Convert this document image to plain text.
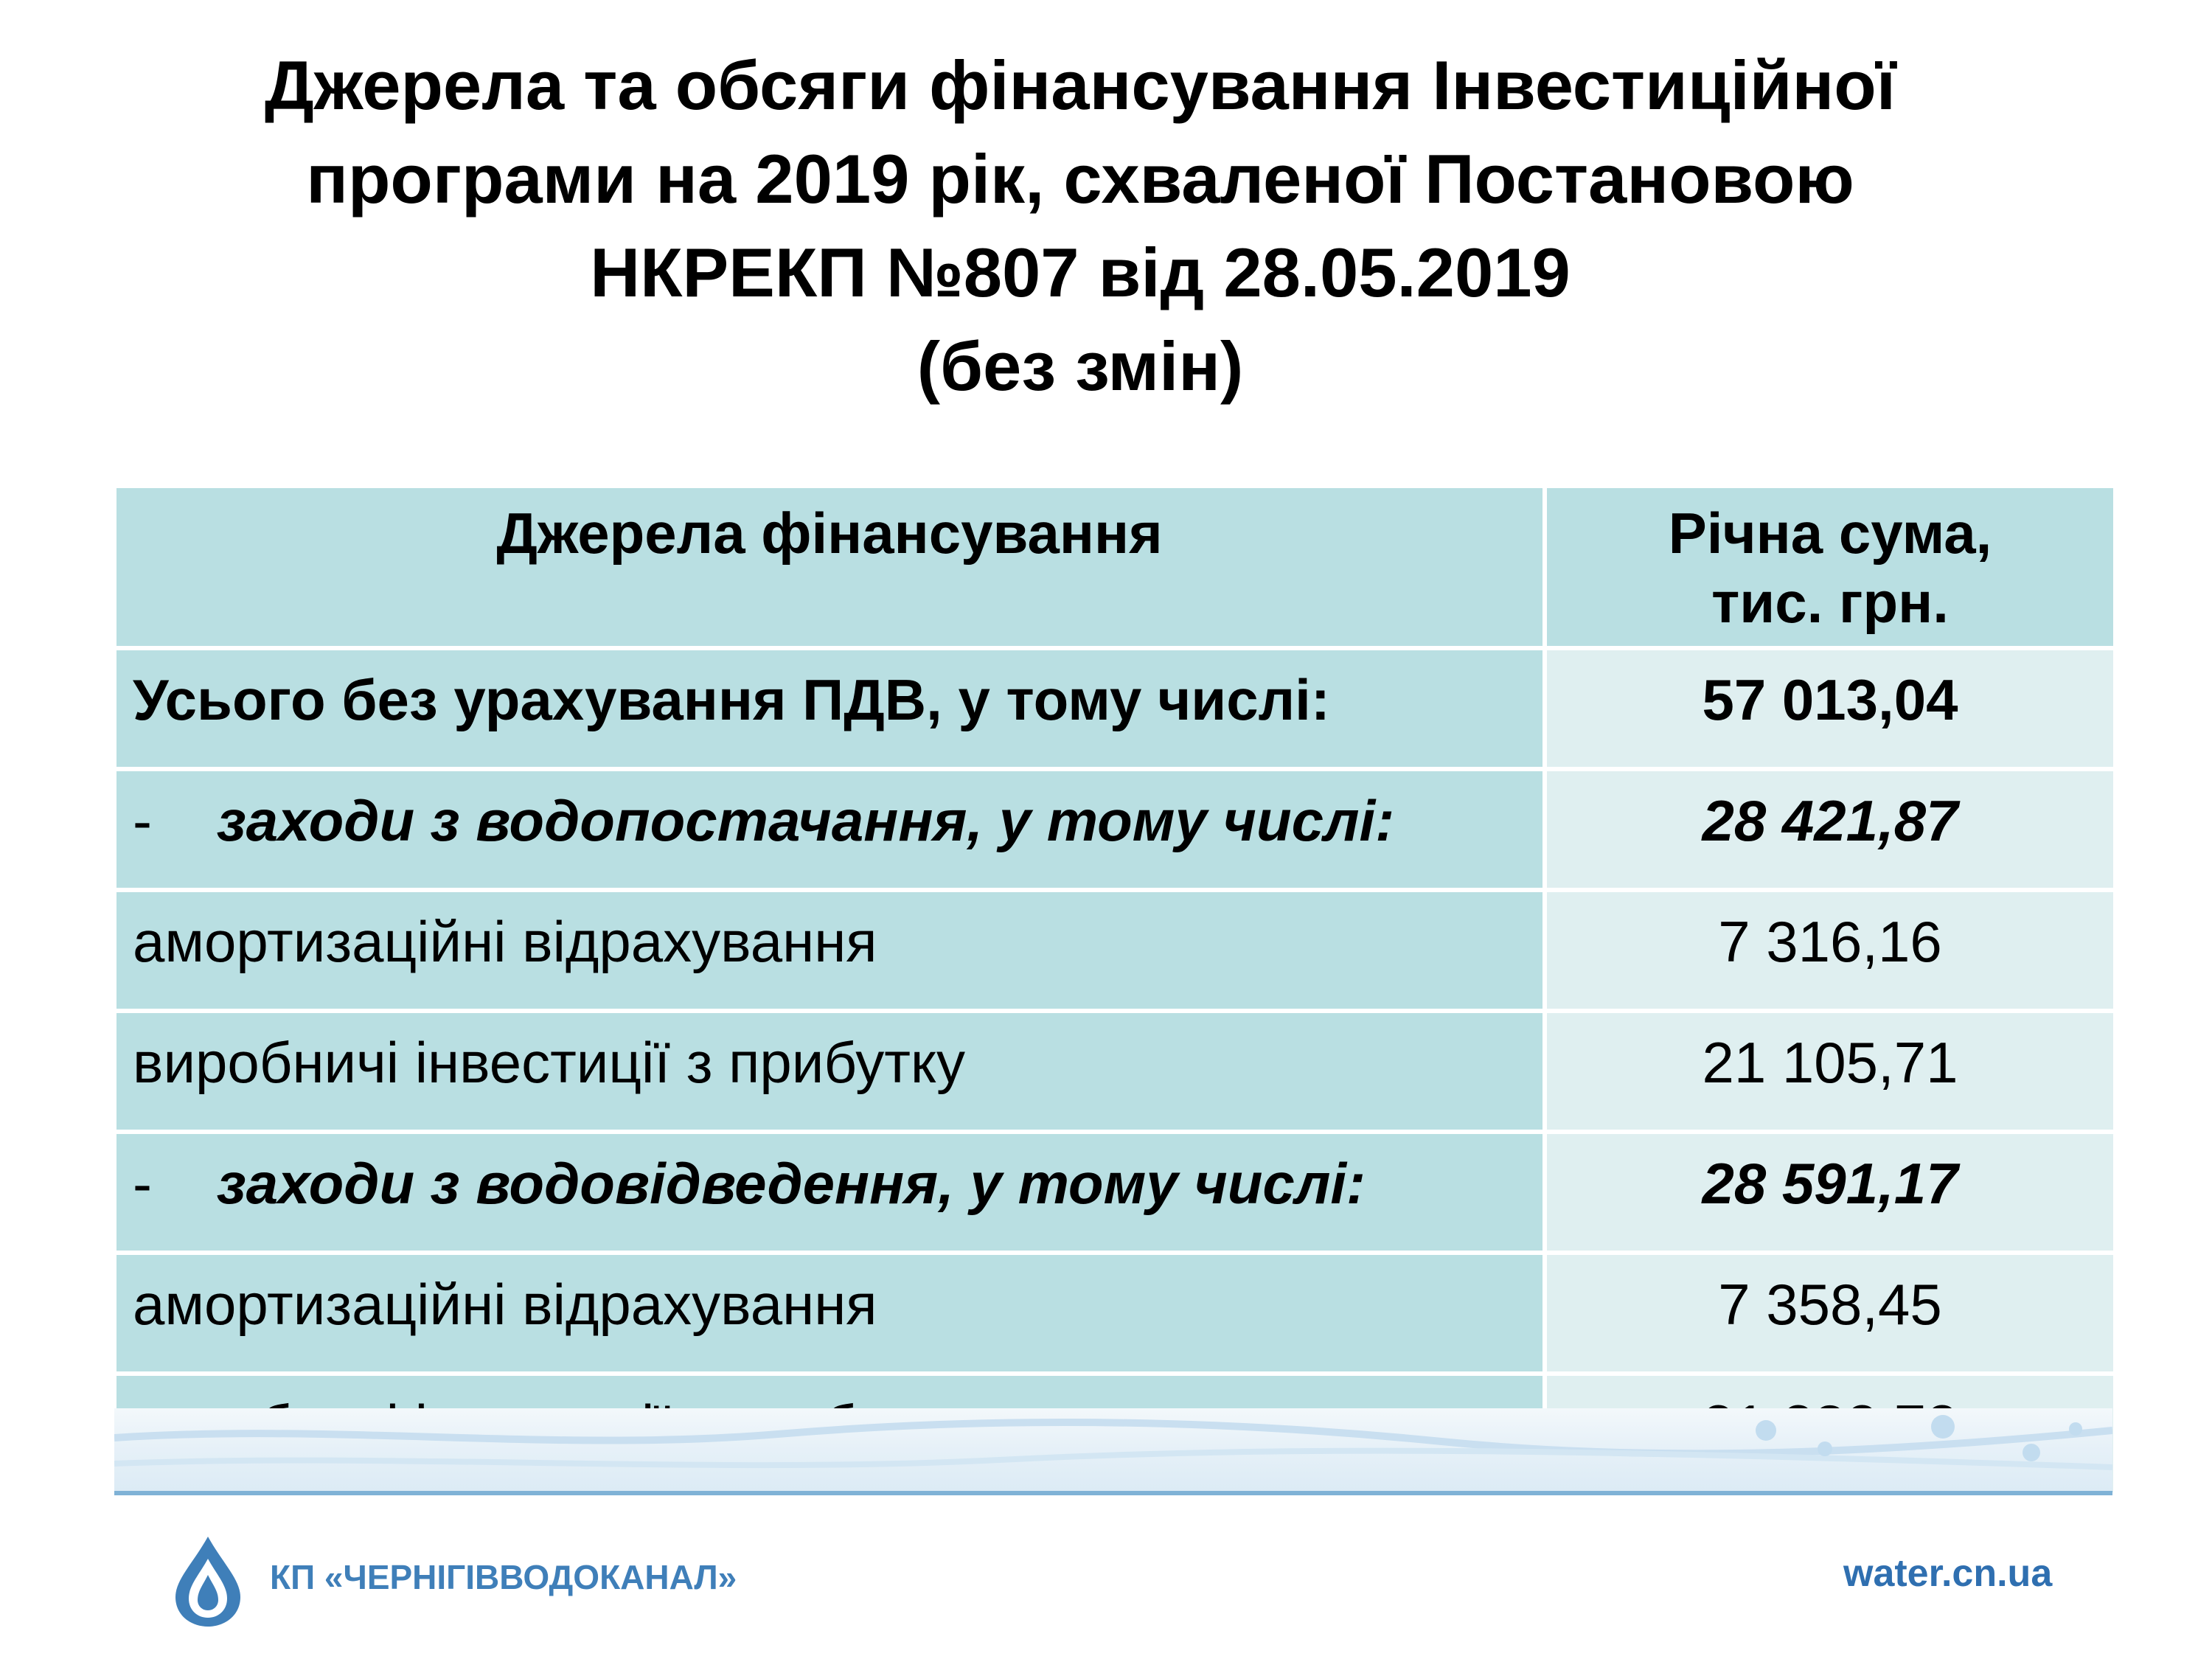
Джерела та обсяги фінансування Інвестиційної
програми на 2019 рік, схваленої Постановою
НКРЕКП №807 від 28.05.2019
(без змін)
Джерела фінансування	Річна сума,
тис. грн.

Усього без урахування ПДВ, у тому числі:	57 013,04
- заходи з водопостачання, у тому числі:	28 421,87
амортизаційні відрахування	7 316,16
виробничі інвестиції з прибутку	21 105,71
- заходи з водовідведення, у тому числі:	28 591,17
амортизаційні відрахування	7 358,45

КП «ЧЕРНІГІВВОДОКАНАЛ»	water.cn.ua
